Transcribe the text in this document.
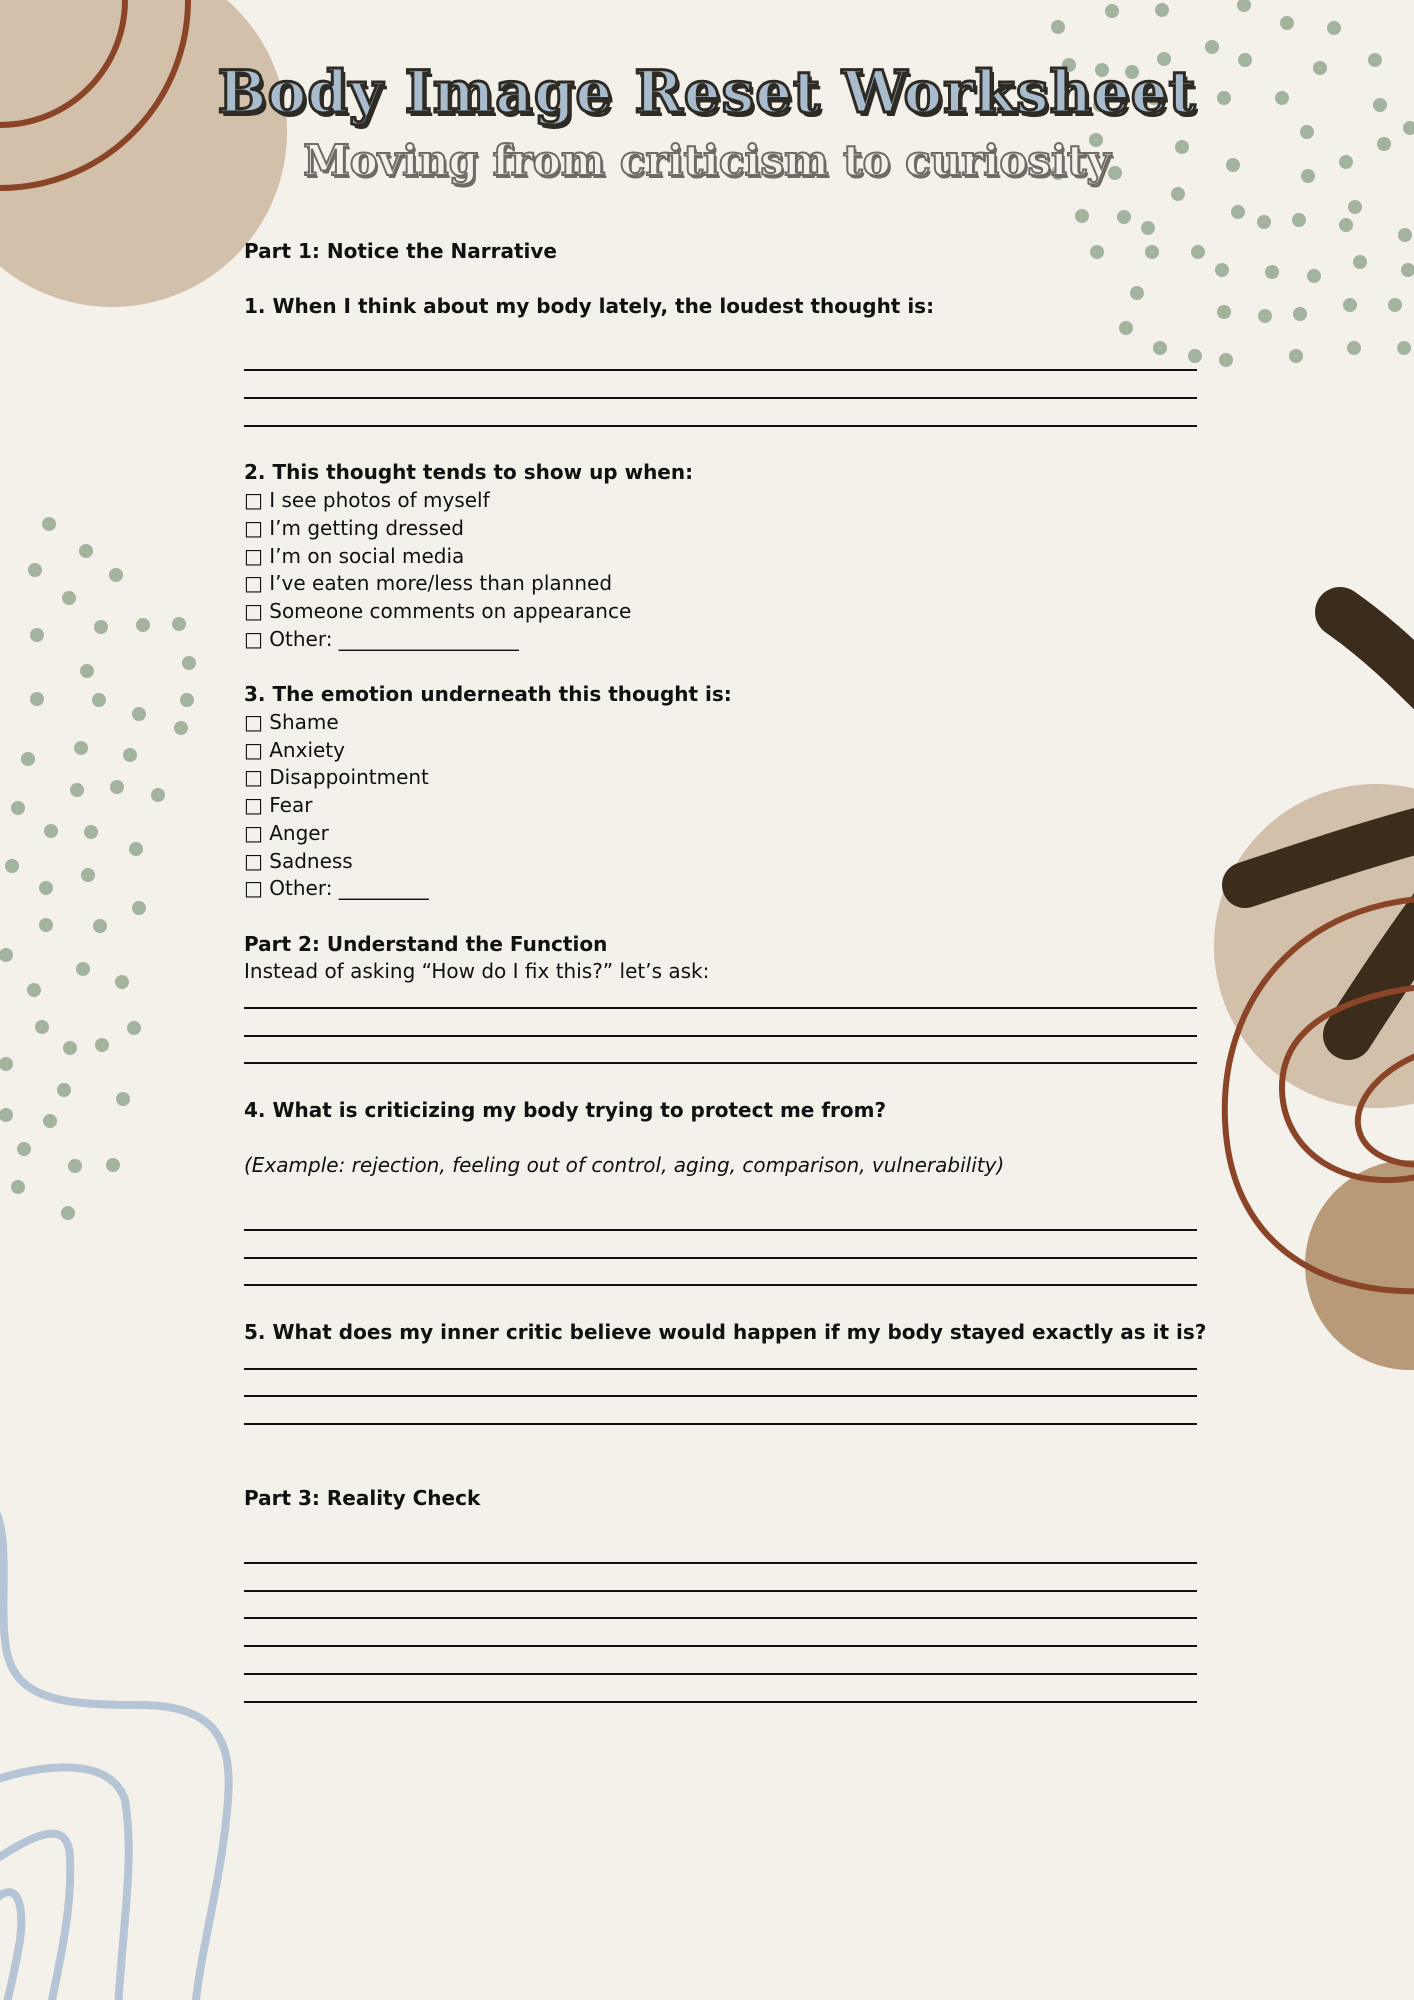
Body Image Reset Worksheet
Moving from criticism to curiosity
Part 1: Notice the Narrative
1. When I think about my body lately, the loudest thought is:
2. This thought tends to show up when:
□ I see photos of myself
□ I’m getting dressed
□ I’m on social media
□ I’ve eaten more/less than planned
□ Someone comments on appearance
□ Other: __________________
3. The emotion underneath this thought is:
□ Shame
□ Anxiety
□ Disappointment
□ Fear
□ Anger
□ Sadness
□ Other: _________
Part 2: Understand the Function
Instead of asking “How do I fix this?” let’s ask:
4. What is criticizing my body trying to protect me from?
(Example: rejection, feeling out of control, aging, comparison, vulnerability)
5. What does my inner critic believe would happen if my body stayed exactly as it is?
Part 3: Reality Check
